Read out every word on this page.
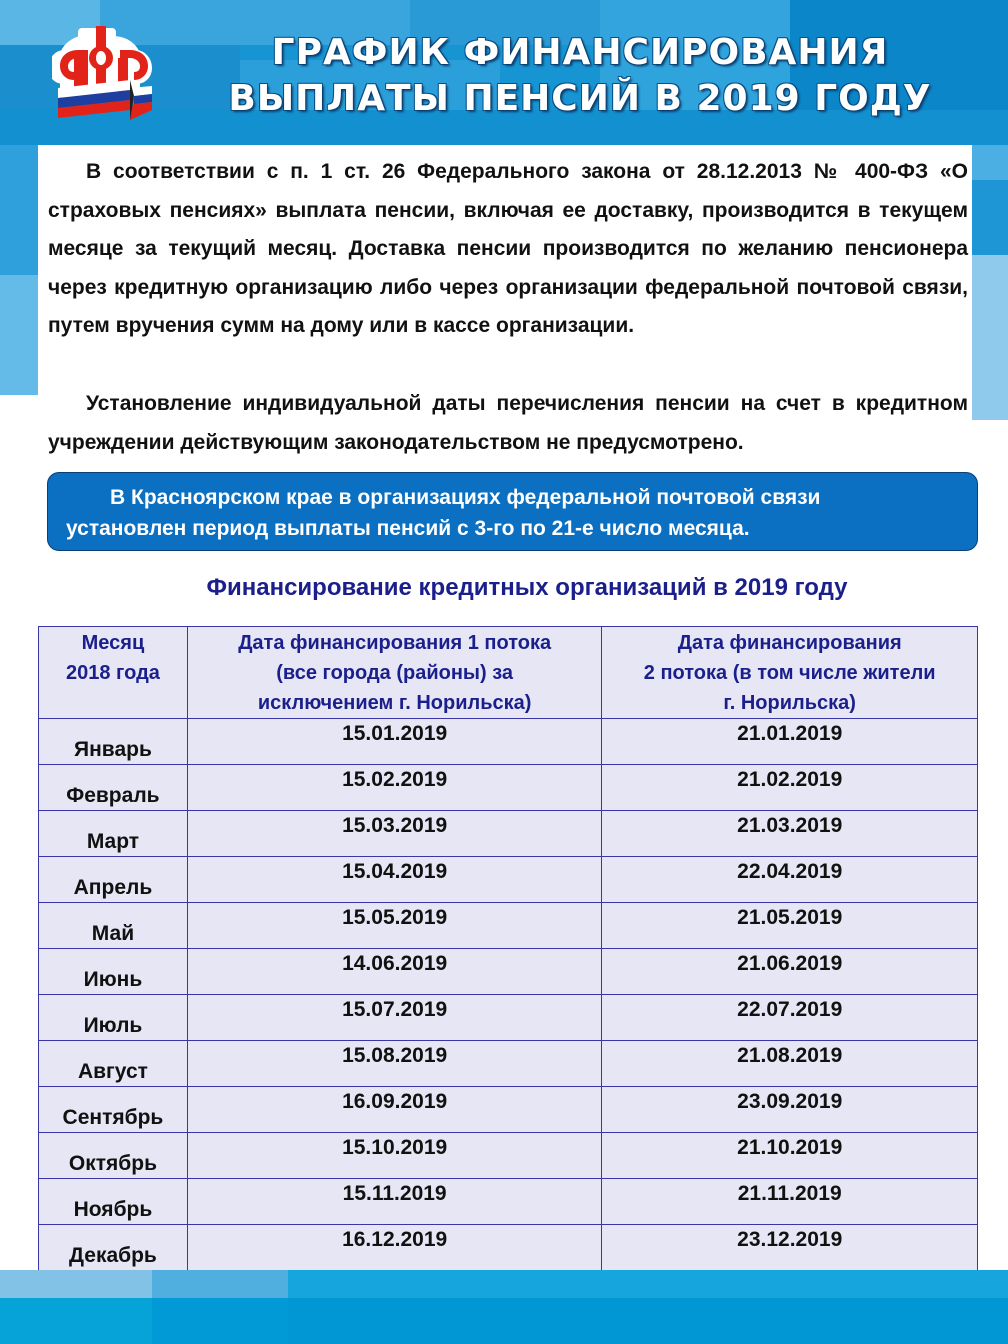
ГРАФИК ФИНАНСИРОВАНИЯ
ВЫПЛАТЫ ПЕНСИЙ В 2019 ГОДУ

В соответствии с п. 1 ст. 26 Федерального закона от 28.12.2013 № 400-ФЗ «О страховых пенсиях» выплата пенсии, включая ее доставку, производится в текущем месяце за текущий месяц. Доставка пенсии производится по желанию пенсионера через кредитную организацию либо через организации федеральной почтовой связи, путем вручения сумм на дому или в кассе организации.

Установление индивидуальной даты перечисления пенсии на счет в кредитном учреждении действующим законодательством не предусмотрено.

В Красноярском крае в организациях федеральной почтовой связи
установлен период выплаты пенсий с 3-го по 21-е число месяца.
Финансирование кредитных организаций в 2019 году
Месяц
2018 года

Дата финансирования 1 потока
(все города (районы) за
исключением г. Норильска)

Дата финансирования
2 потока (в том числе жители
г. Норильска)

Январь	15.01.2019	21.01.2019
Февраль	15.02.2019	21.02.2019
Март	15.03.2019	21.03.2019
Апрель	15.04.2019	22.04.2019
Май	15.05.2019	21.05.2019
Июнь	14.06.2019	21.06.2019
Июль	15.07.2019	22.07.2019
Август	15.08.2019	21.08.2019
Сентябрь	16.09.2019	23.09.2019
Октябрь	15.10.2019	21.10.2019
Ноябрь	15.11.2019	21.11.2019
Декабрь	16.12.2019	23.12.2019
